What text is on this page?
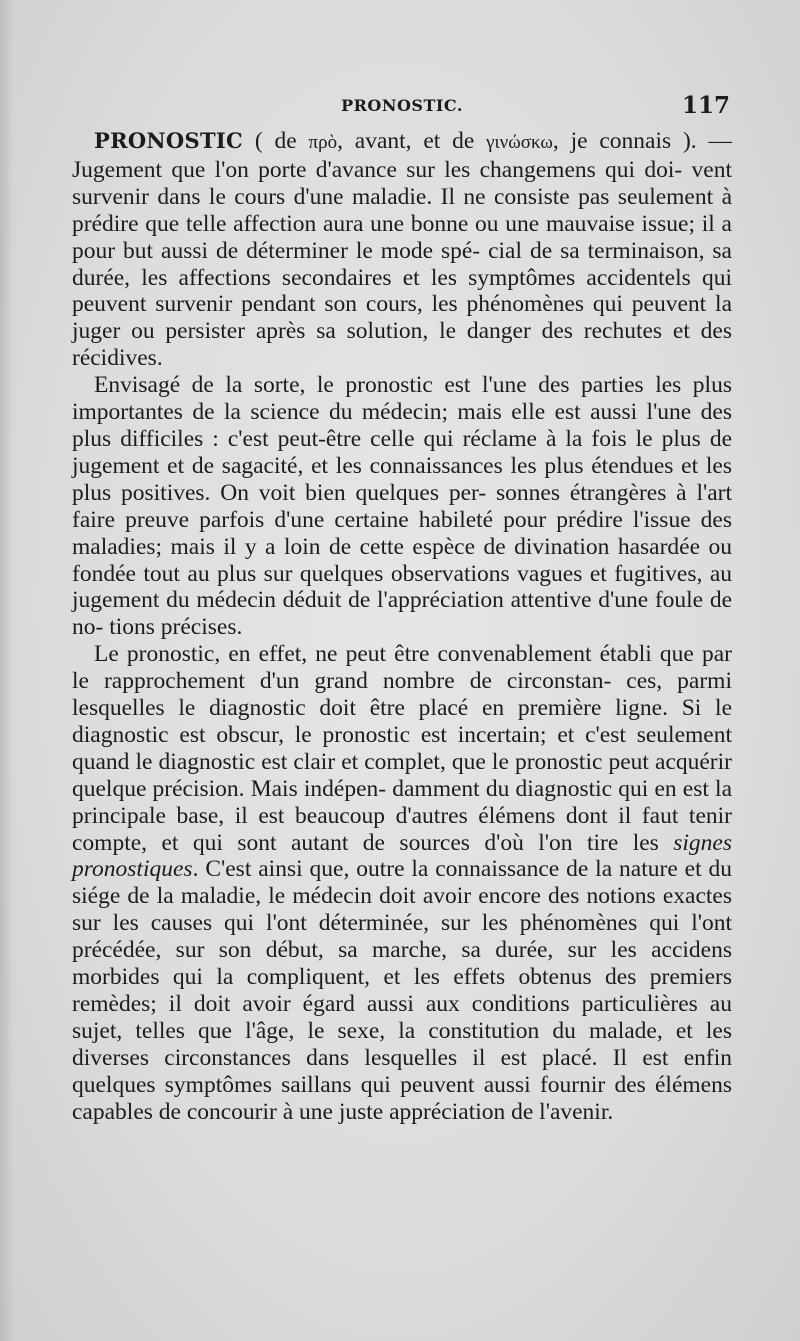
PRONOSTIC.	117

PRONOSTIC ( de πρὸ, avant, et de γινώσκω, je connais ). — Jugement que l'on porte d'avance sur les changemens qui doi- vent survenir dans le cours d'une maladie. Il ne consiste pas seulement à prédire que telle affection aura une bonne ou une mauvaise issue; il a pour but aussi de déterminer le mode spé- cial de sa terminaison, sa durée, les affections secondaires et les symptômes accidentels qui peuvent survenir pendant son cours, les phénomènes qui peuvent la juger ou persister après sa solution, le danger des rechutes et des récidives.

Envisagé de la sorte, le pronostic est l'une des parties les plus importantes de la science du médecin; mais elle est aussi l'une des plus difficiles : c'est peut-être celle qui réclame à la fois le plus de jugement et de sagacité, et les connaissances les plus étendues et les plus positives. On voit bien quelques per- sonnes étrangères à l'art faire preuve parfois d'une certaine habileté pour prédire l'issue des maladies; mais il y a loin de cette espèce de divination hasardée ou fondée tout au plus sur quelques observations vagues et fugitives, au jugement du médecin déduit de l'appréciation attentive d'une foule de no- tions précises.

Le pronostic, en effet, ne peut être convenablement établi que par le rapprochement d'un grand nombre de circonstan- ces, parmi lesquelles le diagnostic doit être placé en première ligne. Si le diagnostic est obscur, le pronostic est incertain; et c'est seulement quand le diagnostic est clair et complet, que le pronostic peut acquérir quelque précision. Mais indépen- damment du diagnostic qui en est la principale base, il est beaucoup d'autres élémens dont il faut tenir compte, et qui sont autant de sources d'où l'on tire les signes pronostiques. C'est ainsi que, outre la connaissance de la nature et du siége de la maladie, le médecin doit avoir encore des notions exactes sur les causes qui l'ont déterminée, sur les phénomènes qui l'ont précédée, sur son début, sa marche, sa durée, sur les accidens morbides qui la compliquent, et les effets obtenus des premiers remèdes; il doit avoir égard aussi aux conditions particulières au sujet, telles que l'âge, le sexe, la constitution du malade, et les diverses circonstances dans lesquelles il est placé. Il est enfin quelques symptômes saillans qui peuvent aussi fournir des élémens capables de concourir à une juste appréciation de l'avenir.
